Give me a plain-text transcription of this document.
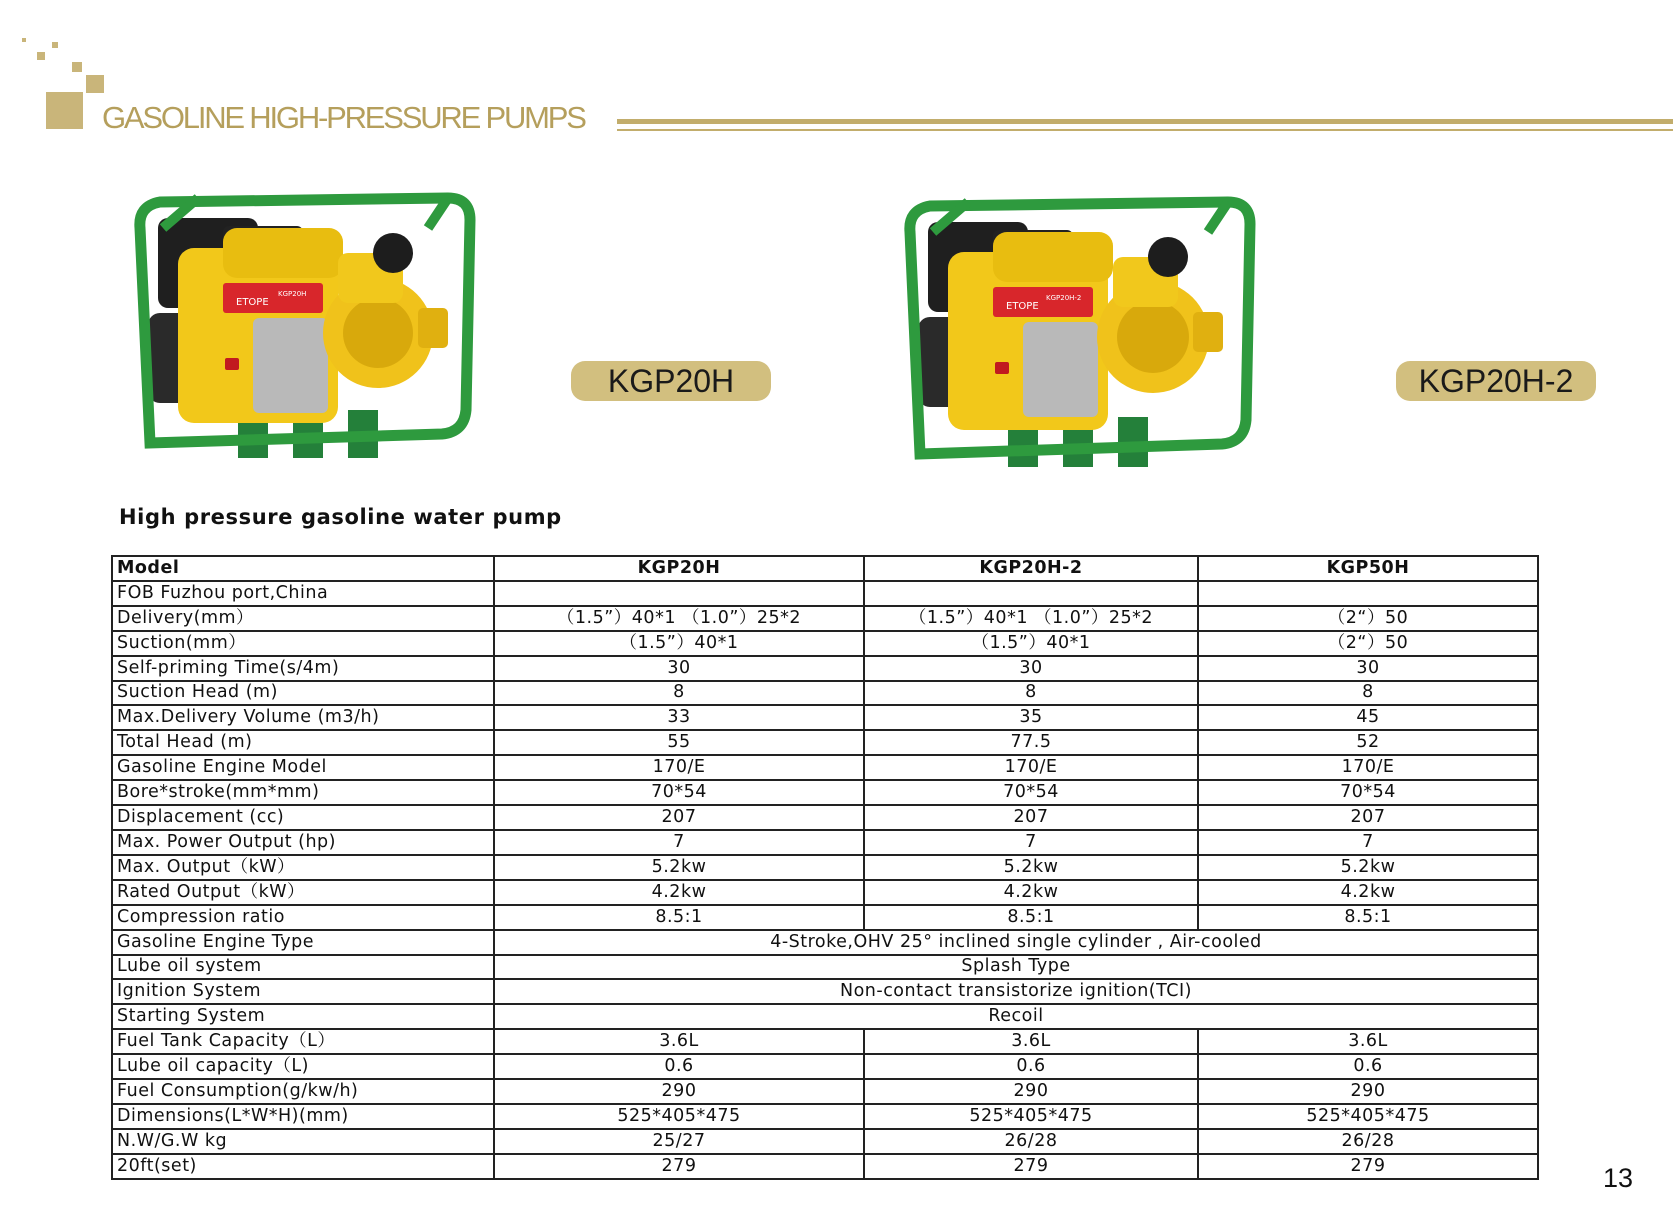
GASOLINE HIGH-PRESSURE PUMPS
ETOPE
KGP20H
ETOPE
KGP20H-2
KGP20H	KGP20H-2
High pressure gasoline water pump
Model	KGP20H	KGP20H-2	KGP50H
FOB Fuzhou port,China			
Delivery(mm）	（1.5”）40*1 （1.0”）25*2	（1.5”）40*1 （1.0”）25*2	（2“）50
Suction(mm）	（1.5”）40*1	（1.5”）40*1	（2“）50
Self-priming Time(s/4m)	30	30	30
Suction Head (m)	8	8	8
Max.Delivery Volume (m3/h)	33	35	45
Total Head (m)	55	77.5	52
Gasoline Engine Model	170/E	170/E	170/E
Bore*stroke(mm*mm)	70*54	70*54	70*54
Displacement (cc)	207	207	207
Max. Power Output (hp)	7	7	7
Max. Output（kW）	5.2kw	5.2kw	5.2kw
Rated Output（kW）	4.2kw	4.2kw	4.2kw
Compression ratio	8.5:1	8.5:1	8.5:1
Gasoline Engine Type	4-Stroke,OHV 25° inclined single cylinder , Air-cooled		
Lube oil system	Splash Type		
Ignition System	Non-contact transistorize ignition(TCI)		
Starting System	Recoil		
Fuel Tank Capacity（L）	3.6L	3.6L	3.6L
Lube oil capacity（L)	0.6	0.6	0.6
Fuel Consumption(g/kw/h)	290	290	290
Dimensions(L*W*H)(mm)	525*405*475	525*405*475	525*405*475
N.W/G.W kg	25/27	26/28	26/28
20ft(set)	279	279	279	13
